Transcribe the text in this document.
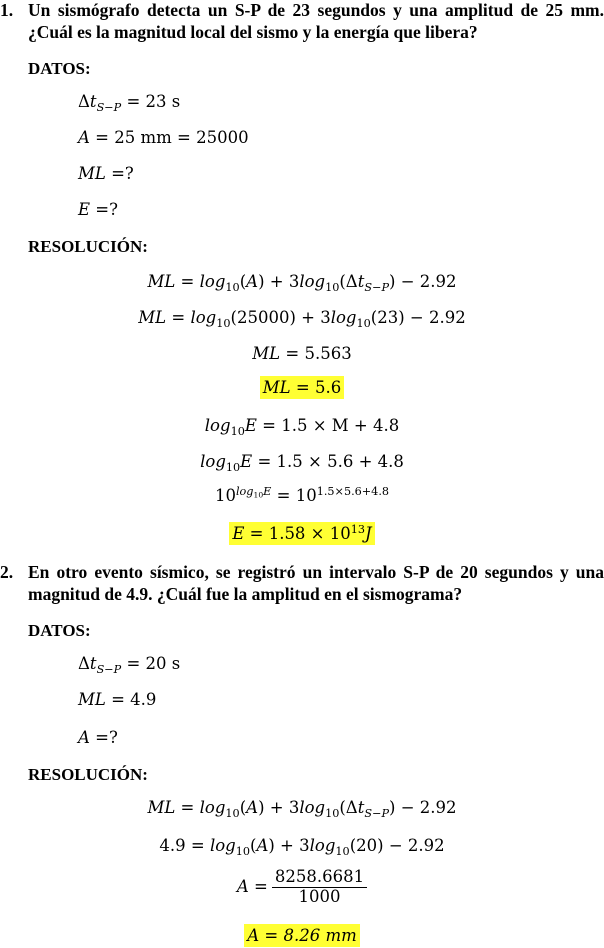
1. Un sismógrafo detecta un S-P de 23 segundos y una amplitud de 25 mm.
¿Cuál es la magnitud local del sismo y la energía que libera?
DATOS:
$\Delta t_{S-P} = 23$ s
A = 25 mm = 25000
ML =?
E =?
RESOLUCIÓN:
ML = $\log_{10}(A) + 3\log_{10}(\Delta t_{S-P}) - 2.92$
ML = $\log_{10}(25000) + 3\log_{10}(23) - 2.92$
ML = 5.563
ML = 5.6
$\log_{10}E = 1.5 \times M + 4.8$
$\log_{10}E = 1.5 \times 5.6 + 4.8$
$10^{log_{10}E} = 10^{1.5\times 5.6+4.8}$
$E = 1.58 \times 10^{13}J$
2. En otro evento sísmico, se registró un intervalo S-P de 20 segundos y una
magnitud de 4.9. ¿Cuál fue la amplitud en el sismograma?
DATOS:
$\Delta t_{S-P} = 20$ s
ML = 4.9
A =?
RESOLUCIÓN:
ML = $\log_{10}(A) + 3\log_{10}(\Delta t_{S-P}) - 2.92$
$4.9 = \log_{10}(A) + 3\log_{10}(20) - 2.92$
$A = \frac{8258.6681}{1000}$
A = 8.26 mm
